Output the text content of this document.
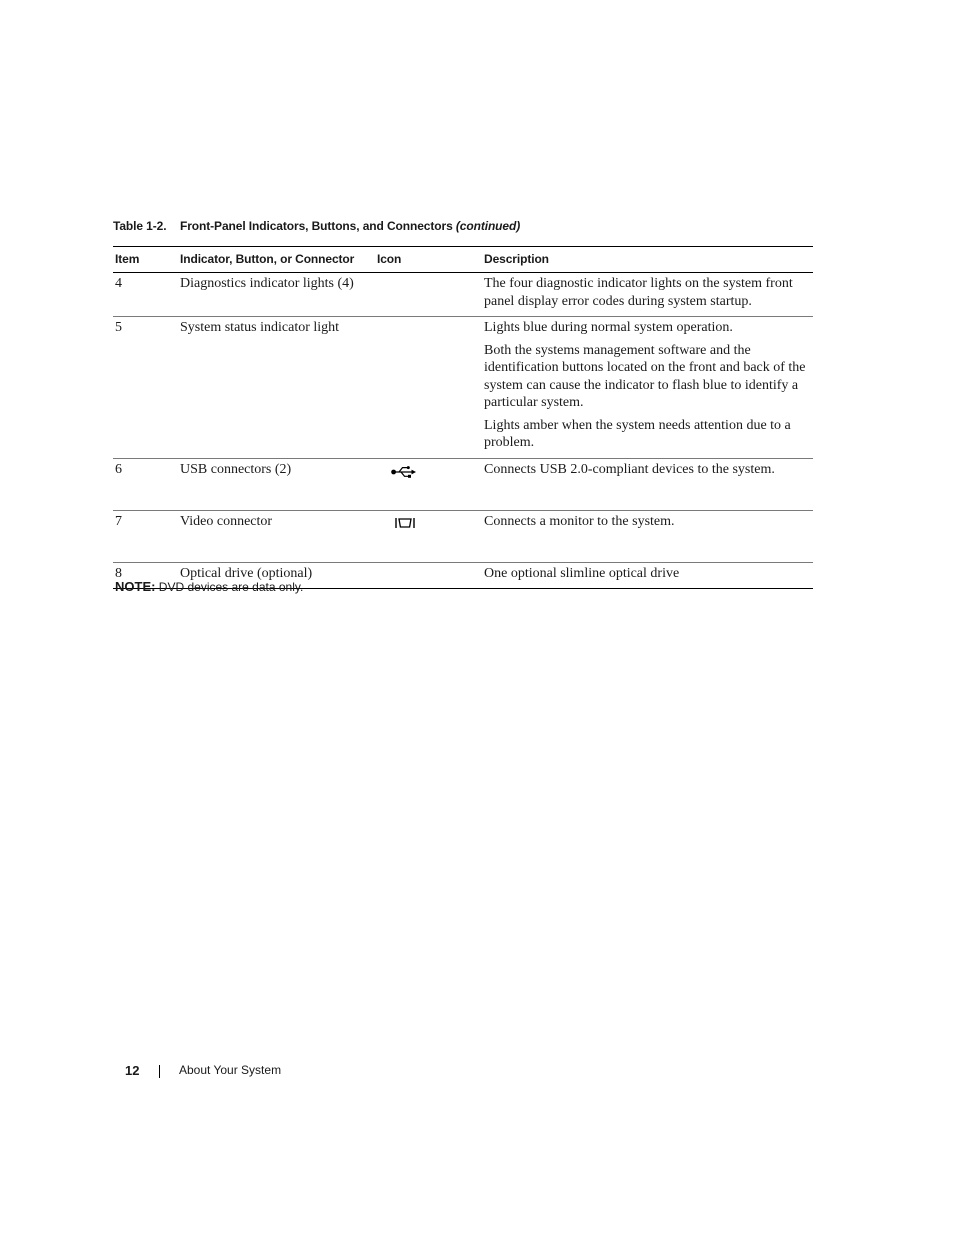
Table 1-2. Front-Panel Indicators, Buttons, and Connectors (continued)
Item	Indicator, Button, or Connector	Icon	Description
4	Diagnostics indicator lights (4)		The four diagnostic indicator lights on the system front panel display error codes during system startup.

5	System status indicator light		Lights blue during normal system operation.

Both the systems management software and the identification buttons located on the front and back of the system can cause the indicator to flash blue to identify a particular system.

Lights amber when the system needs attention due to a problem.

6	USB connectors (2)		Connects USB 2.0-compliant devices to the system.

7	Video connector		Connects a monitor to the system.

8	Optical drive (optional)		One optional slimline optical drive

NOTE: DVD devices are data only.
12	About Your System
